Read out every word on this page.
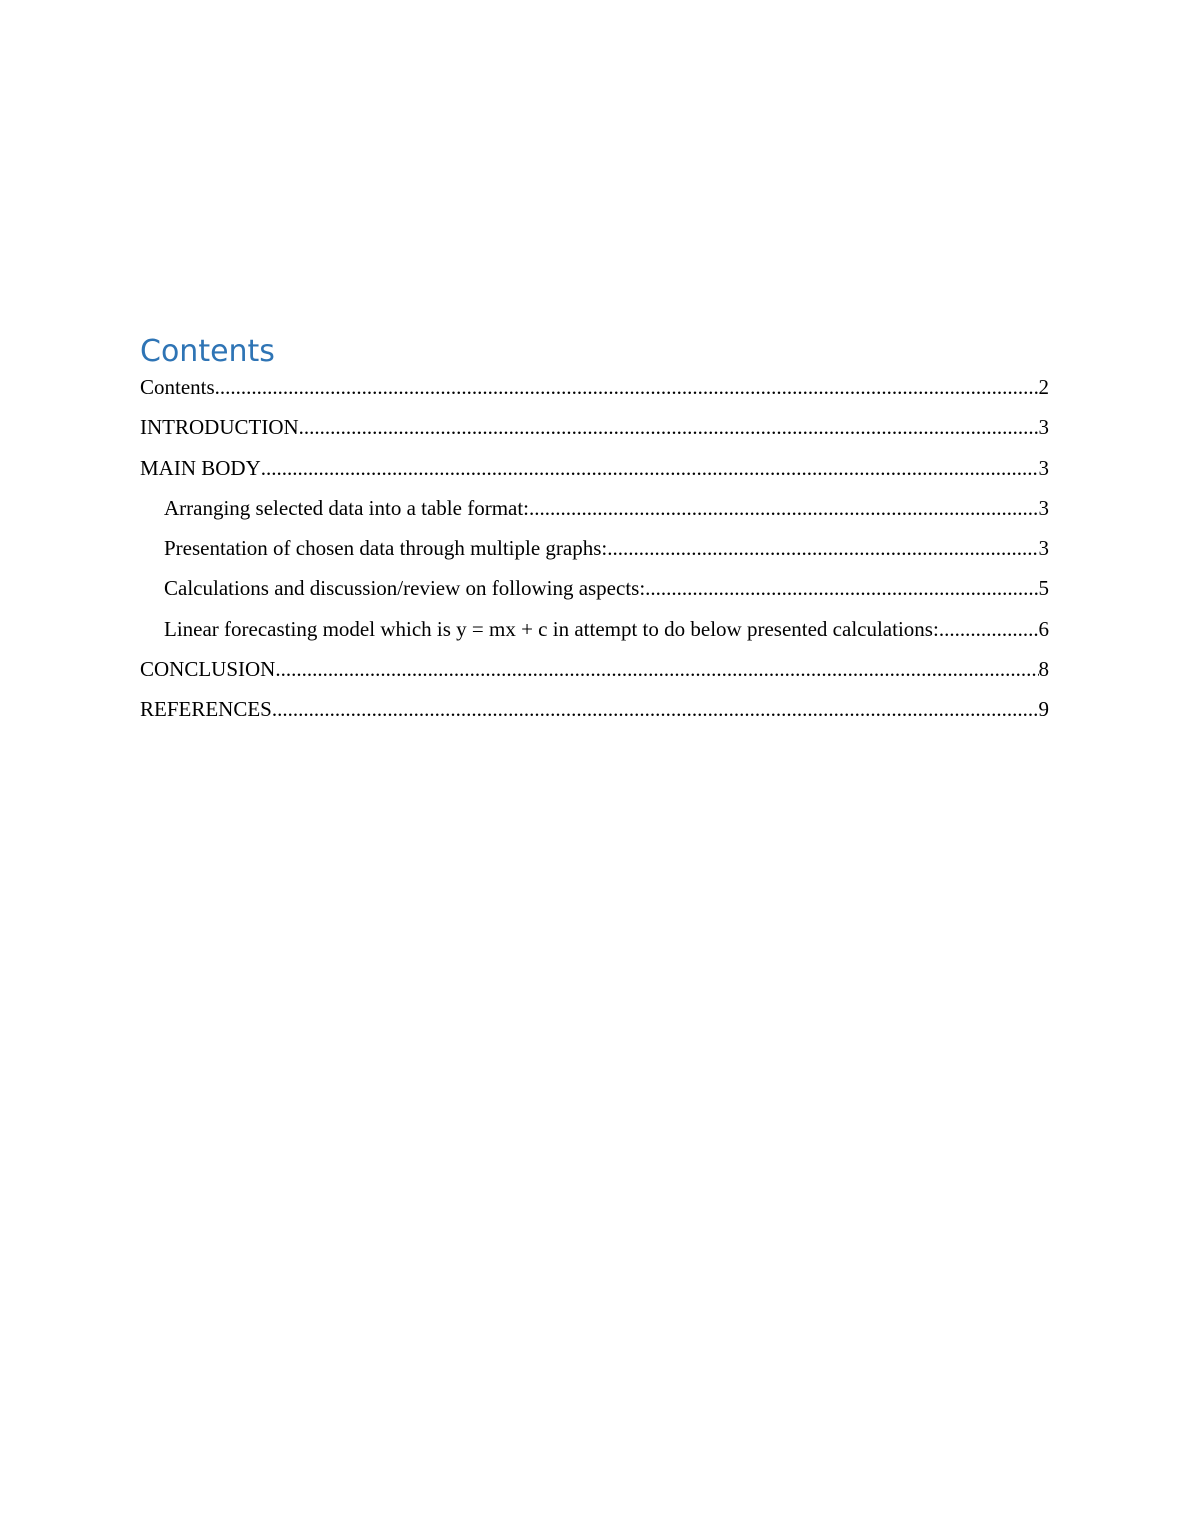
Contents
Contents .....	2
INTRODUCTION .....	3
MAIN BODY .....	3
Arranging selected data into a table format: .....	3
Presentation of chosen data through multiple graphs: .....	3
Calculations and discussion/review on following aspects: .....	5
Linear forecasting model which is y = mx + c in attempt to do below presented calculations: .....	6
CONCLUSION .....	8
REFERENCES .....	9
